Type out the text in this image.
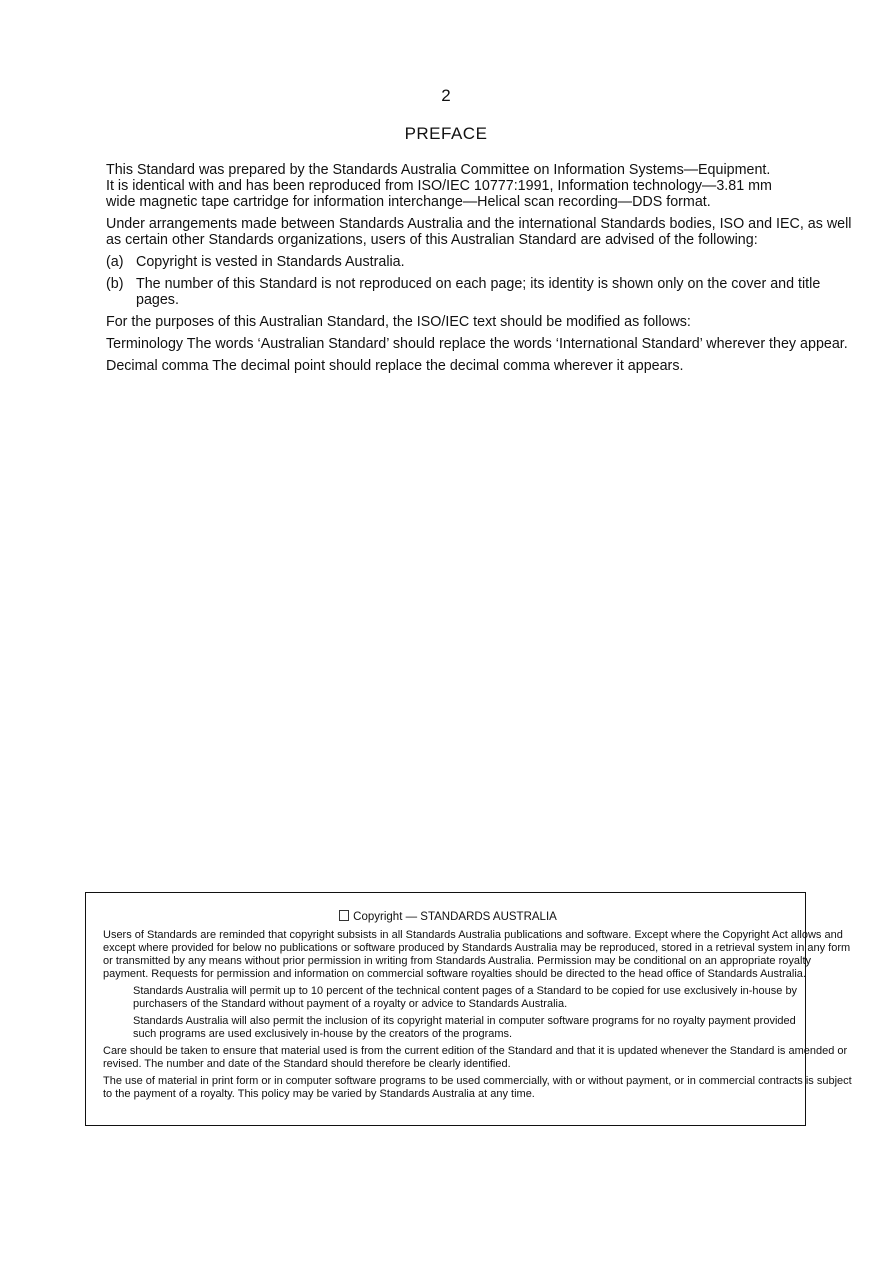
2
PREFACE

This Standard was prepared by the Standards Australia Committee on Information Systems—Equipment.
It is identical with and has been reproduced from ISO/IEC 10777:1991, Information technology—3.81 mm
wide magnetic tape cartridge for information interchange—Helical scan recording—DDS format.

Under arrangements made between Standards Australia and the international Standards bodies, ISO and IEC, as well as certain other Standards organizations, users of this Australian Standard are advised of the following:

(a) Copyright is vested in Standards Australia.
(b) The number of this Standard is not reproduced on each page; its identity is shown only on the cover and title pages.

For the purposes of this Australian Standard, the ISO/IEC text should be modified as follows:

Terminology The words ‘Australian Standard’ should replace the words ‘International Standard’ wherever they appear.

Decimal comma The decimal point should replace the decimal comma wherever it appears.

Copyright — STANDARDS AUSTRALIA

Users of Standards are reminded that copyright subsists in all Standards Australia publications and software. Except where the Copyright Act allows and except where provided for below no publications or software produced by Standards Australia may be reproduced, stored in a retrieval system in any form or transmitted by any means without prior permission in writing from Standards Australia. Permission may be conditional on an appropriate royalty payment. Requests for permission and information on commercial software royalties should be directed to the head office of Standards Australia.

Standards Australia will permit up to 10 percent of the technical content pages of a Standard to be copied for use exclusively in-house by purchasers of the Standard without payment of a royalty or advice to Standards Australia.

Standards Australia will also permit the inclusion of its copyright material in computer software programs for no royalty payment provided such programs are used exclusively in-house by the creators of the programs.

Care should be taken to ensure that material used is from the current edition of the Standard and that it is updated whenever the Standard is amended or revised. The number and date of the Standard should therefore be clearly identified.

The use of material in print form or in computer software programs to be used commercially, with or without payment, or in commercial contracts is subject to the payment of a royalty. This policy may be varied by Standards Australia at any time.
